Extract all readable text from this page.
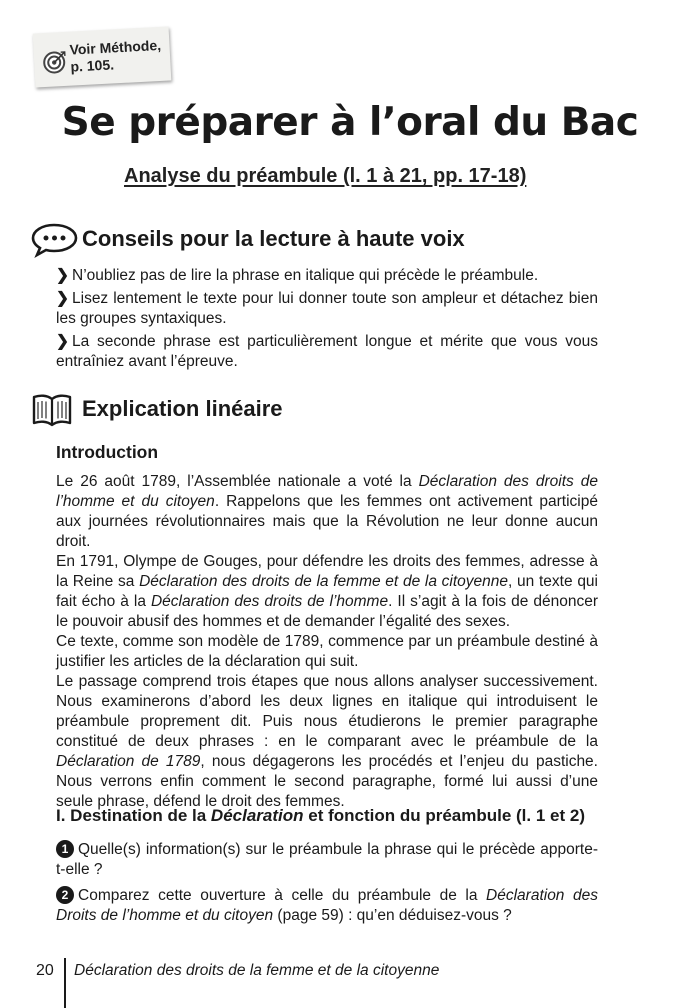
Voir Méthode,
p. 105.
Se préparer à l’oral du Bac
Analyse du préambule (l. 1 à 21, pp. 17-18)
Conseils pour la lecture à haute voix

❯ N’oubliez pas de lire la phrase en italique qui précède le préambule.

❯ Lisez lentement le texte pour lui donner toute son ampleur et détachez bien les groupes syntaxiques.

❯ La seconde phrase est particulièrement longue et mérite que vous vous entraîniez avant l’épreuve.

Explication linéaire
Introduction

Le 26 août 1789, l’Assemblée nationale a voté la Déclaration des droits de l’homme et du citoyen. Rappelons que les femmes ont activement participé aux journées révolutionnaires mais que la Révolution ne leur donne aucun droit.

En 1791, Olympe de Gouges, pour défendre les droits des femmes, adresse à la Reine sa Déclaration des droits de la femme et de la citoyenne, un texte qui fait écho à la Déclaration des droits de l’homme. Il s’agit à la fois de dénoncer le pouvoir abusif des hommes et de demander l’égalité des sexes.

Ce texte, comme son modèle de 1789, commence par un préambule destiné à justifier les articles de la déclaration qui suit.

Le passage comprend trois étapes que nous allons analyser successivement. Nous examinerons d’abord les deux lignes en italique qui introduisent le préambule proprement dit. Puis nous étudierons le premier paragraphe constitué de deux phrases : en le comparant avec le préambule de la Déclaration de 1789, nous dégagerons les procédés et l’enjeu du pastiche. Nous verrons enfin comment le second paragraphe, formé lui aussi d’une seule phrase, défend le droit des femmes.

I. Destination de la Déclaration et fonction du préambule (l. 1 et 2)

1 Quelle(s) information(s) sur le préambule la phrase qui le précède apporte-t-elle ?

2 Comparez cette ouverture à celle du préambule de la Déclaration des Droits de l’homme et du citoyen (page 59) : qu’en déduisez-vous ?

20 Déclaration des droits de la femme et de la citoyenne
